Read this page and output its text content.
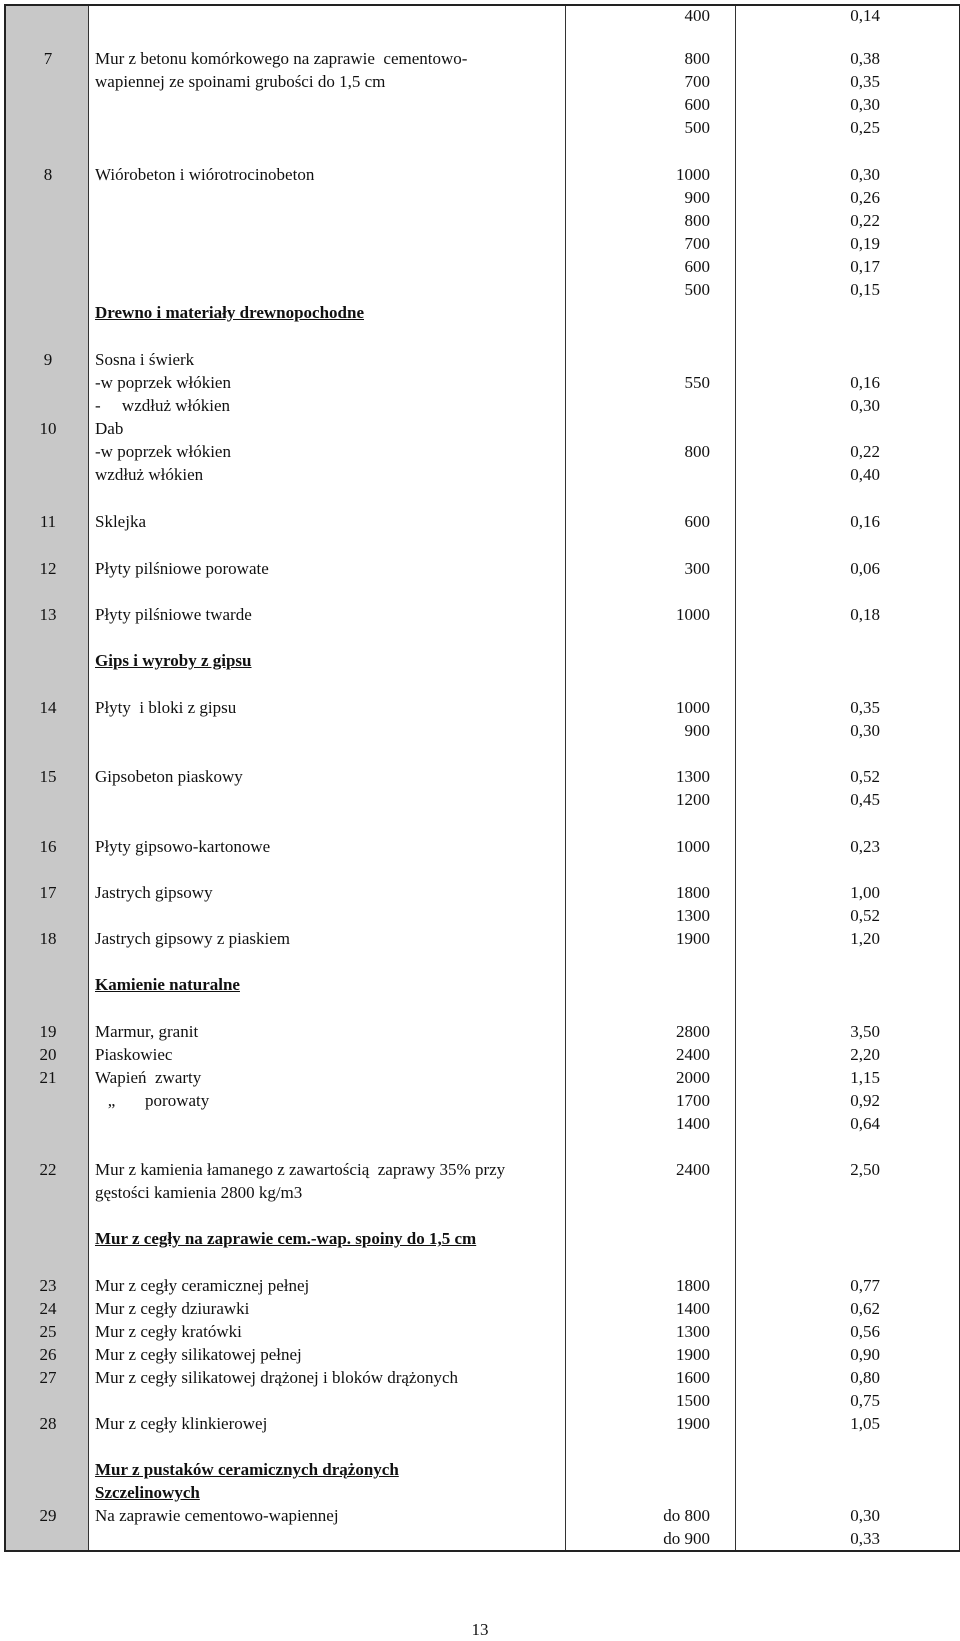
400	0,14
7	Mur z betonu komórkowego na zaprawie  cementowo-	800	0,38
wapiennej ze spoinami grubości do 1,5 cm	700	0,35
600	0,30
500	0,25
8	Wiórobeton i wiórotrocinobeton	1000	0,30
900	0,26
800	0,22
700	0,19
600	0,17
500	0,15
Drewno i materiały drewnopochodne
9	Sosna i świerk
-w poprzek włókien	550	0,16
-     wzdłuż włókien	0,30
10	Dab
-w poprzek włókien	800	0,22
wzdłuż włókien	0,40
11	Sklejka	600	0,16
12	Płyty pilśniowe porowate	300	0,06
13	Płyty pilśniowe twarde	1000	0,18
Gips i wyroby z gipsu
14	Płyty  i bloki z gipsu	1000	0,35
900	0,30
15	Gipsobeton piaskowy	1300	0,52
1200	0,45
16	Płyty gipsowo-kartonowe	1000	0,23
17	Jastrych gipsowy	1800	1,00
1300	0,52
18	Jastrych gipsowy z piaskiem	1900	1,20
Kamienie naturalne
19	Marmur, granit	2800	3,50
20	Piaskowiec	2400	2,20
21	Wapień  zwarty	2000	1,15
„       porowaty	1700	0,92
1400	0,64
22	Mur z kamienia łamanego z zawartością  zaprawy 35% przy	2400	2,50
gęstości kamienia 2800 kg/m3
Mur z cegły na zaprawie cem.-wap. spoiny do 1,5 cm
23	Mur z cegły ceramicznej pełnej	1800	0,77
24	Mur z cegły dziurawki	1400	0,62
25	Mur z cegły kratówki	1300	0,56
26	Mur z cegły silikatowej pełnej	1900	0,90
27	Mur z cegły silikatowej drążonej i bloków drążonych	1600	0,80
1500	0,75
28	Mur z cegły klinkierowej	1900	1,05
Mur z pustaków ceramicznych drążonych
Szczelinowych
29	Na zaprawie cementowo-wapiennej	do 800	0,30
do 900	0,33
13
